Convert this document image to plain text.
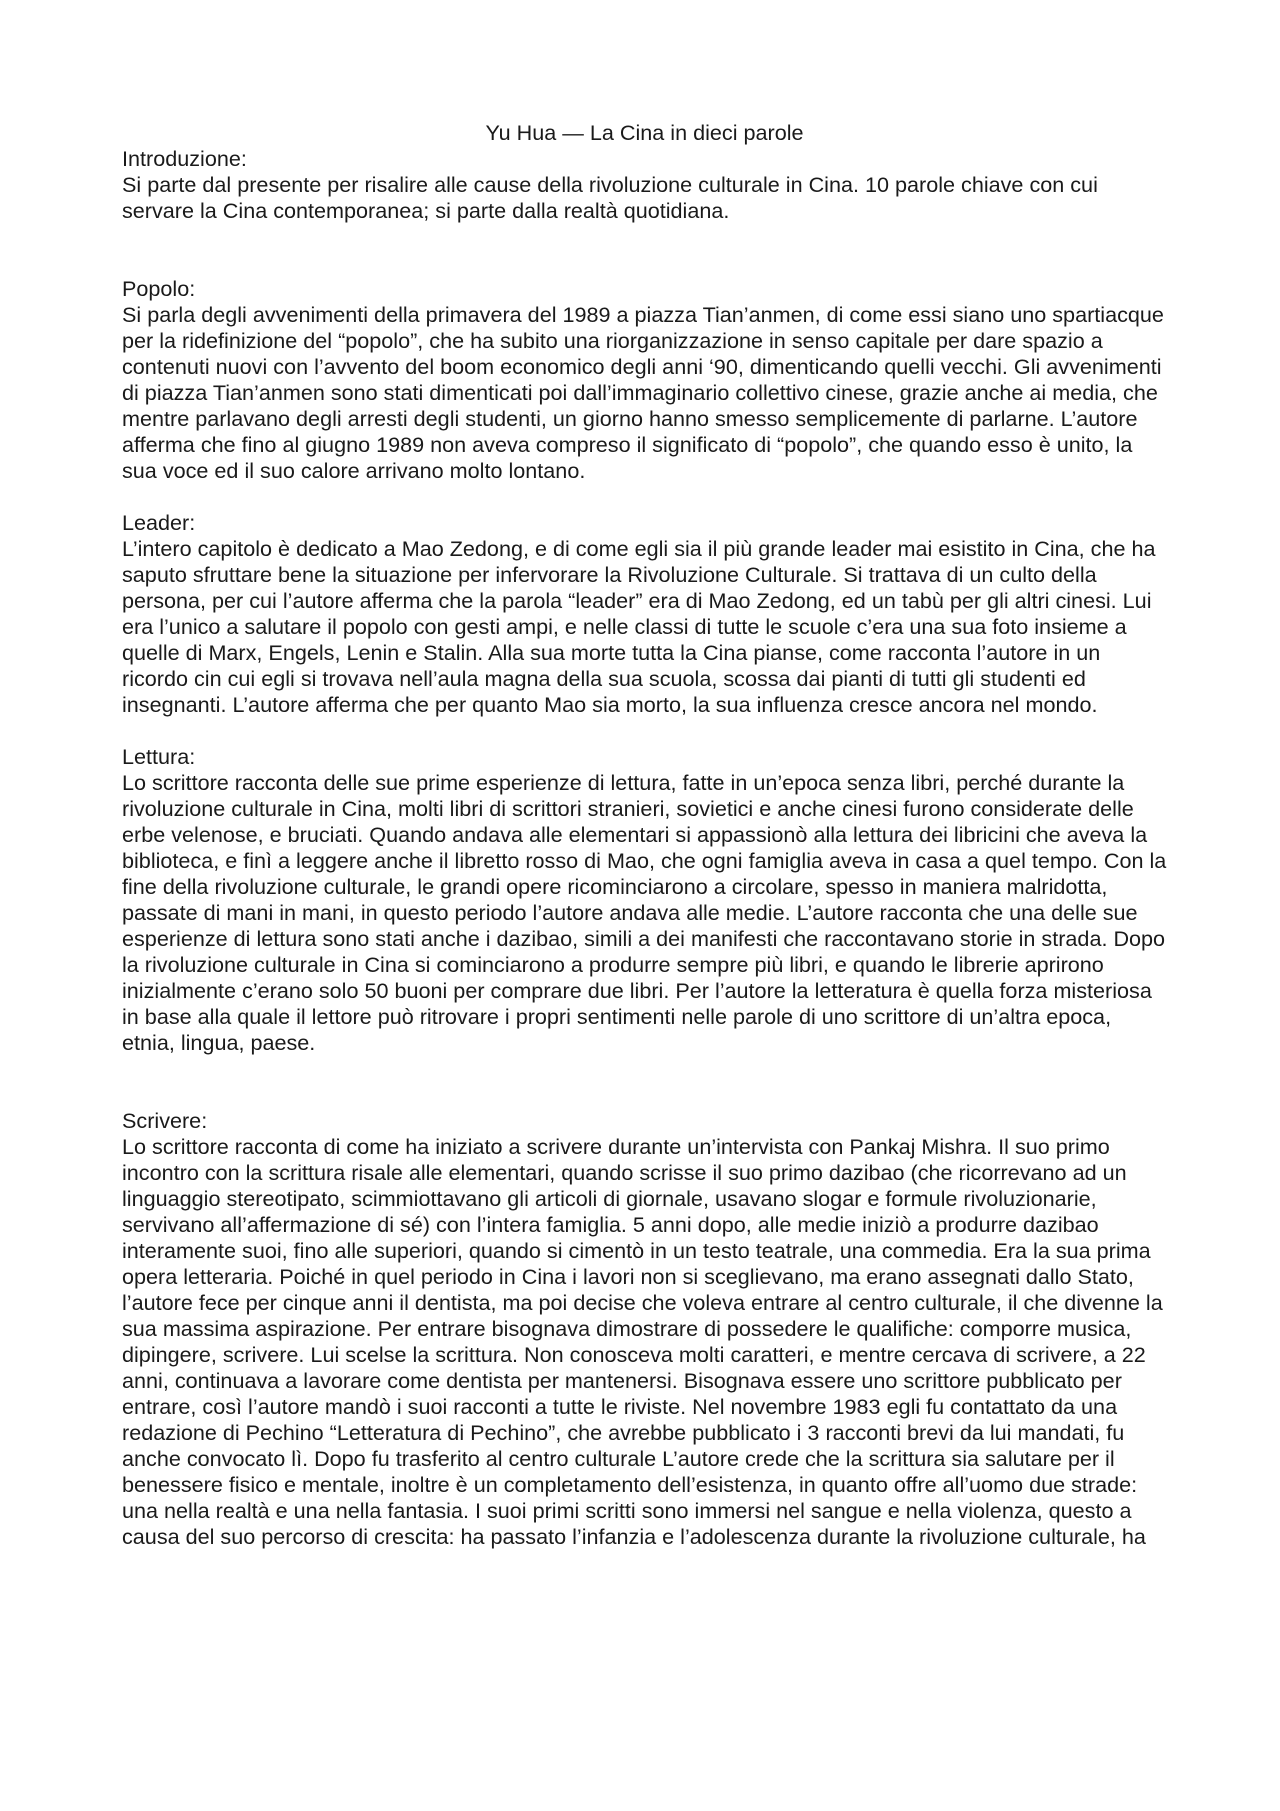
Yu Hua — La Cina in dieci parole

Introduzione:

Si parte dal presente per risalire alle cause della rivoluzione culturale in Cina. 10 parole chiave con cui servare la Cina contemporanea; si parte dalla realtà quotidiana.

Popolo:

Si parla degli avvenimenti della primavera del 1989 a piazza Tian’anmen, di come essi siano uno spartiacque per la ridefinizione del “popolo”, che ha subito una riorganizzazione in senso capitale per dare spazio a contenuti nuovi con l’avvento del boom economico degli anni ‘90, dimenticando quelli vecchi. Gli avvenimenti di piazza Tian’anmen sono stati dimenticati poi dall’immaginario collettivo cinese, grazie anche ai media, che mentre parlavano degli arresti degli studenti, un giorno hanno smesso semplicemente di parlarne. L’autore afferma che fino al giugno 1989 non aveva compreso il significato di “popolo”, che quando esso è unito, la sua voce ed il suo calore arrivano molto lontano.

Leader:

L’intero capitolo è dedicato a Mao Zedong, e di come egli sia il più grande leader mai esistito in Cina, che ha saputo sfruttare bene la situazione per infervorare la Rivoluzione Culturale. Si trattava di un culto della persona, per cui l’autore afferma che la parola “leader” era di Mao Zedong, ed un tabù per gli altri cinesi. Lui era l’unico a salutare il popolo con gesti ampi, e nelle classi di tutte le scuole c’era una sua foto insieme a quelle di Marx, Engels, Lenin e Stalin. Alla sua morte tutta la Cina pianse, come racconta l’autore in un ricordo cin cui egli si trovava nell’aula magna della sua scuola, scossa dai pianti di tutti gli studenti ed insegnanti. L’autore afferma che per quanto Mao sia morto, la sua influenza cresce ancora nel mondo.

Lettura:

Lo scrittore racconta delle sue prime esperienze di lettura, fatte in un’epoca senza libri, perché durante la rivoluzione culturale in Cina, molti libri di scrittori stranieri, sovietici e anche cinesi furono considerate delle erbe velenose, e bruciati. Quando andava alle elementari si appassionò alla lettura dei libricini che aveva la biblioteca, e finì a leggere anche il libretto rosso di Mao, che ogni famiglia aveva in casa a quel tempo. Con la fine della rivoluzione culturale, le grandi opere ricominciarono a circolare, spesso in maniera malridotta, passate di mani in mani, in questo periodo l’autore andava alle medie. L’autore racconta che una delle sue esperienze di lettura sono stati anche i dazibao, simili a dei manifesti che raccontavano storie in strada. Dopo la rivoluzione culturale in Cina si cominciarono a produrre sempre più libri, e quando le librerie aprirono inizialmente c’erano solo 50 buoni per comprare due libri. Per l’autore la letteratura è quella forza misteriosa in base alla quale il lettore può ritrovare i propri sentimenti nelle parole di uno scrittore di un’altra epoca, etnia, lingua, paese.

Scrivere:

Lo scrittore racconta di come ha iniziato a scrivere durante un’intervista con Pankaj Mishra. Il suo primo incontro con la scrittura risale alle elementari, quando scrisse il suo primo dazibao (che ricorrevano ad un linguaggio stereotipato, scimmiottavano gli articoli di giornale, usavano slogar e formule rivoluzionarie, servivano all’affermazione di sé) con l’intera famiglia. 5 anni dopo, alle medie iniziò a produrre dazibao interamente suoi, fino alle superiori, quando si cimentò in un testo teatrale, una commedia. Era la sua prima opera letteraria. Poiché in quel periodo in Cina i lavori non si sceglievano, ma erano assegnati dallo Stato, l’autore fece per cinque anni il dentista, ma poi decise che voleva entrare al centro culturale, il che divenne la sua massima aspirazione. Per entrare bisognava dimostrare di possedere le qualifiche: comporre musica, dipingere, scrivere. Lui scelse la scrittura. Non conosceva molti caratteri, e mentre cercava di scrivere, a 22 anni, continuava a lavorare come dentista per mantenersi. Bisognava essere uno scrittore pubblicato per entrare, così l’autore mandò i suoi racconti a tutte le riviste. Nel novembre 1983 egli fu contattato da una redazione di Pechino “Letteratura di Pechino”, che avrebbe pubblicato i 3 racconti brevi da lui mandati, fu anche convocato lì. Dopo fu trasferito al centro culturale L’autore crede che la scrittura sia salutare per il benessere fisico e mentale, inoltre è un completamento dell’esistenza, in quanto offre all’uomo due strade: una nella realtà e una nella fantasia. I suoi primi scritti sono immersi nel sangue e nella violenza, questo a causa del suo percorso di crescita: ha passato l’infanzia e l’adolescenza durante la rivoluzione culturale, ha
